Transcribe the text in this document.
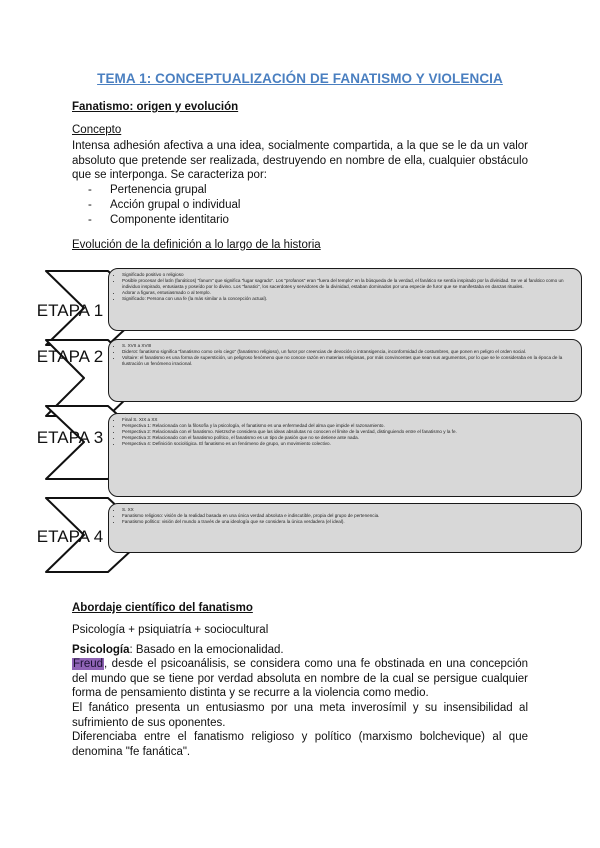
TEMA 1: CONCEPTUALIZACIÓN DE FANATISMO Y VIOLENCIA
Fanatismo: origen y evolución
Concepto
Intensa adhesión afectiva a una idea, socialmente compartida, a la que se le da un valor absoluto que pretende ser realizada, destruyendo en nombre de ella, cualquier obstáculo que se interponga. Se caracteriza por:
-	Pertenencia grupal
-	Acción grupal o individual
-	Componente identitario
Evolución de la definición a lo largo de la historia
ETAPA 1
ETAPA 2
ETAPA 3
ETAPA 4
• Significado positivo o religioso
• Posible procesar del latín (fanáticos) "fanum" que significa "lugar sagrado". Los "profanos" eran "fuera del templo" en la búsqueda de la verdad, el fanático se sentía inspirado por la divinidad. Se ve al fanático como un individuo inspirado, entusiasta y poseído por lo divino. Los "fanatici", los sacerdotes y servidores de la divinidad, estaban dominados por una especie de furor que se manifestaba en danzas rituales.
• Adorar a figuras, entusiasmado o al templo.
• Significado: Persona con una fe (la más similar a la concepción actual).
• S. XVII a XVIII
• Diderot: fanatismo significa "fanatismo como celo ciego" (fanatismo religioso), un furor por creencias de devoción o intransigencia, inconformidad de costumbres, que ponen en peligro el orden social.
• Voltaire: el fanatismo es una forma de superstición, un peligroso fenómeno que no conoce razón en materias religiosas, por más convincentes que sean sus argumentos, por lo que se le consideraba en la época de la Ilustración un fenómeno irracional.
• Final S. XIX a XX
• Perspectiva 1: Relacionada con la filosofía y la psicología, el fanatismo es una enfermedad del alma que impide el razonamiento.
• Perspectiva 2: Relacionada con el fanatismo. Nietzsche considera que las ideas absolutas no conocen el límite de la verdad, distinguiendo entre el fanatismo y la fe.
• Perspectiva 3: Relacionado con el fanatismo político, el fanatismo es un tipo de pasión que no se detiene ante nada.
• Perspectiva 4: Definición sociológica. El fanatismo es un fenómeno de grupo, un movimiento colectivo.
• S. XX
• Fanatismo religioso: visión de la realidad basada en una única verdad absoluta e indiscutible, propia del grupo de pertenencia.
• Fanatismo político: visión del mundo a través de una ideología que se considera la única verdadera (el ideal).
Abordaje científico del fanatismo
Psicología + psiquiatría + sociocultural
Psicología: Basado en la emocionalidad.
Freud, desde el psicoanálisis, se considera como una fe obstinada en una concepción del mundo que se tiene por verdad absoluta en nombre de la cual se persigue cualquier forma de pensamiento distinta y se recurre a la violencia como medio.
El fanático presenta un entusiasmo por una meta inverosímil y su insensibilidad al sufrimiento de sus oponentes.
Diferenciaba entre el fanatismo religioso y político (marxismo bolchevique) al que denomina "fe fanática".
